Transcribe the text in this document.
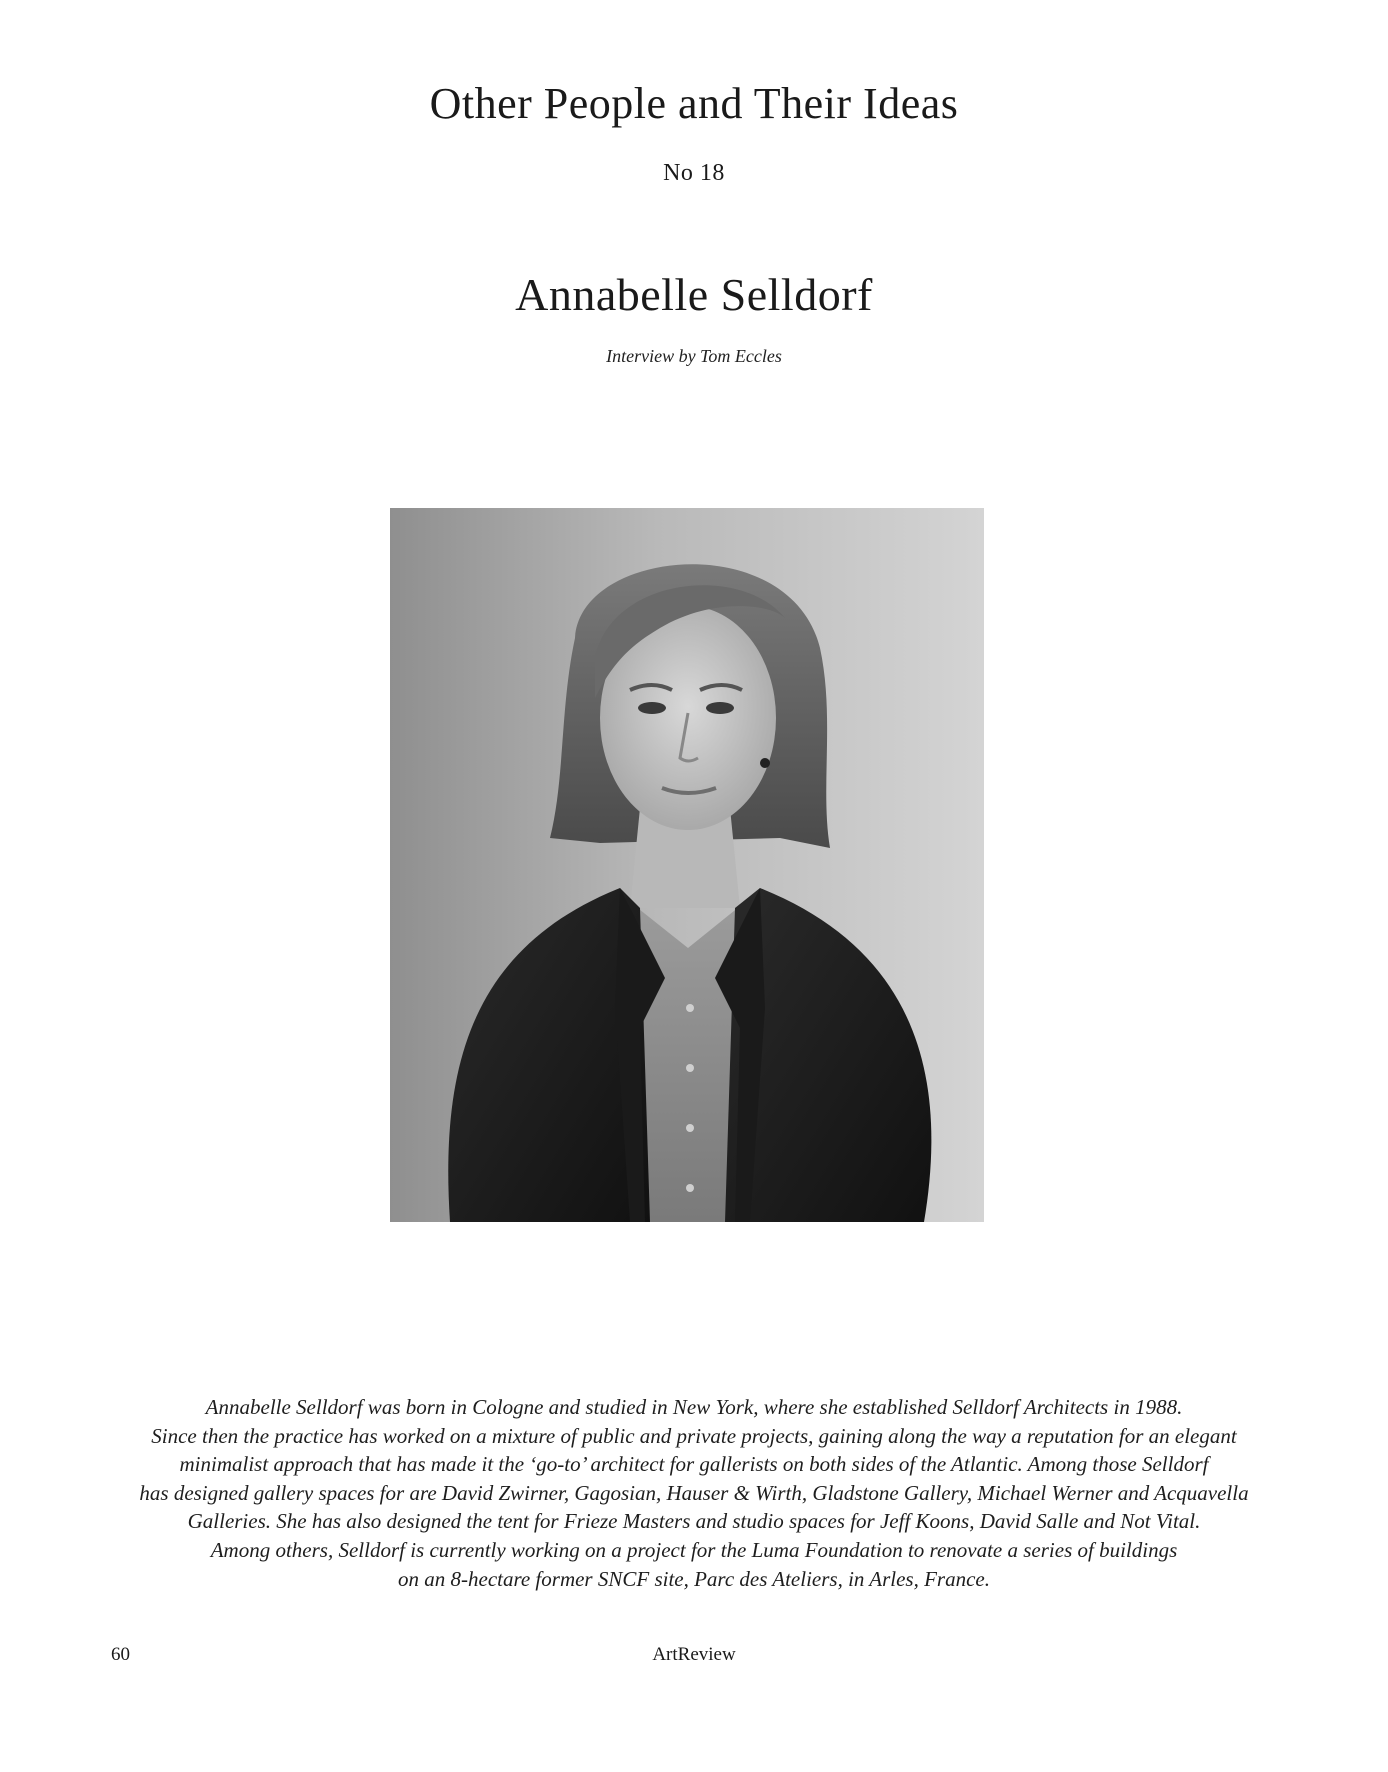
Other People and Their Ideas
No 18
Annabelle Selldorf
Interview by Tom Eccles
Annabelle Selldorf was born in Cologne and studied in New York, where she established Selldorf Architects in 1988.
Since then the practice has worked on a mixture of public and private projects, gaining along the way a reputation for an elegant
minimalist approach that has made it the ‘go-to’ architect for gallerists on both sides of the Atlantic. Among those Selldorf
has designed gallery spaces for are David Zwirner, Gagosian, Hauser & Wirth, Gladstone Gallery, Michael Werner and Acquavella
Galleries. She has also designed the tent for Frieze Masters and studio spaces for Jeff Koons, David Salle and Not Vital.
Among others, Selldorf is currently working on a project for the Luma Foundation to renovate a series of buildings
on an 8-hectare former SNCF site, Parc des Ateliers, in Arles, France.
60	ArtReview
